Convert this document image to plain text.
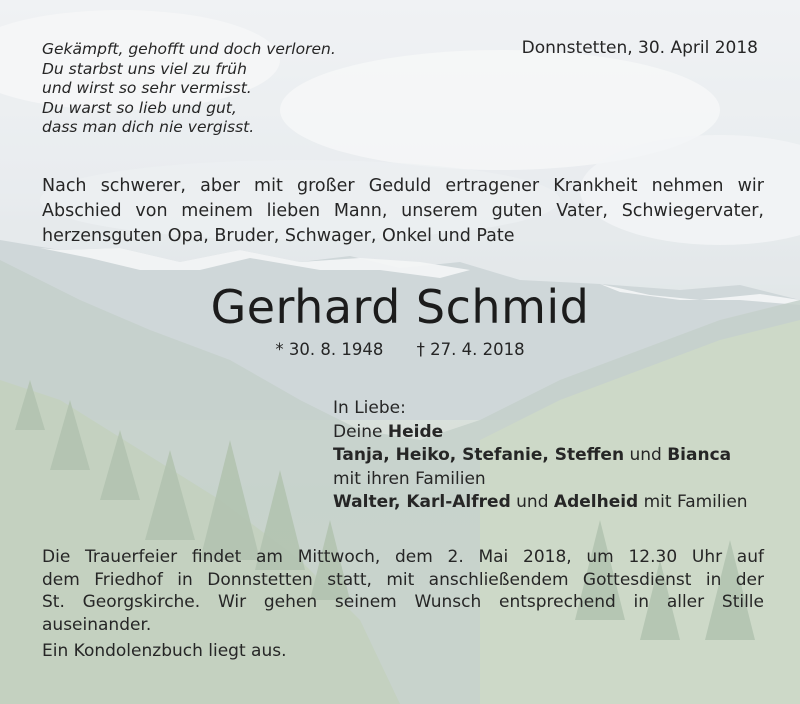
Gekämpft, gehofft und doch verloren.
Du starbst uns viel zu früh
und wirst so sehr vermisst.
Du warst so lieb und gut,
dass man dich nie vergisst.
Donnstetten, 30. April 2018
Nach schwerer, aber mit großer Geduld ertragener Krankheit nehmen wir
Abschied von meinem lieben Mann, unserem guten Vater, Schwiegervater,
herzensguten Opa, Bruder, Schwager, Onkel und Pate
Gerhard Schmid
* 30. 8. 1948 † 27. 4. 2018
In Liebe:
Deine Heide
Tanja, Heiko, Stefanie, Steffen und Bianca
mit ihren Familien
Walter, Karl-Alfred und Adelheid mit Familien
Die Trauerfeier findet am Mittwoch, dem 2. Mai 2018, um 12.30 Uhr auf
dem Friedhof in Donnstetten statt, mit anschließendem Gottesdienst in der
St. Georgskirche. Wir gehen seinem Wunsch entsprechend in aller Stille
auseinander.
Ein Kondolenzbuch liegt aus.
